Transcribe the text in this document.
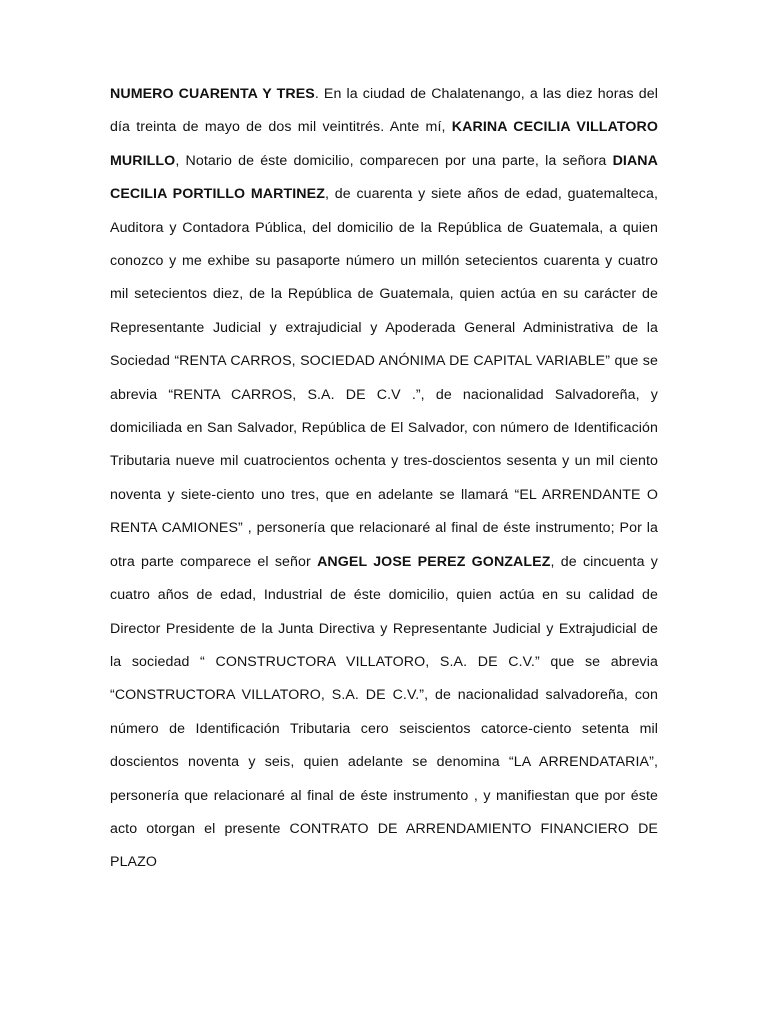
NUMERO CUARENTA Y TRES. En la ciudad de Chalatenango, a las diez horas del día treinta de mayo de dos mil veintitrés. Ante mí, KARINA CECILIA VILLATORO MURILLO, Notario de éste domicilio, comparecen por una parte, la señora DIANA CECILIA PORTILLO MARTINEZ, de cuarenta y siete años de edad, guatemalteca, Auditora y Contadora Pública, del domicilio de la República de Guatemala, a quien conozco y me exhibe su pasaporte número un millón setecientos cuarenta y cuatro mil setecientos diez, de la República de Guatemala, quien actúa en su carácter de Representante Judicial y extrajudicial y Apoderada General Administrativa de la Sociedad “RENTA CARROS, SOCIEDAD ANÓNIMA DE CAPITAL VARIABLE” que se abrevia “RENTA CARROS, S.A. DE C.V .”, de nacionalidad Salvadoreña, y domiciliada en San Salvador, República de El Salvador, con número de Identificación Tributaria nueve mil cuatrocientos ochenta y tres-doscientos sesenta y un mil ciento noventa y siete-ciento uno tres, que en adelante se llamará “EL ARRENDANTE O RENTA CAMIONES” , personería que relacionaré al final de éste instrumento; Por la otra parte comparece el señor ANGEL JOSE PEREZ GONZALEZ, de cincuenta y cuatro años de edad, Industrial de éste domicilio, quien actúa en su calidad de Director Presidente de la Junta Directiva y Representante Judicial y Extrajudicial de la sociedad “ CONSTRUCTORA VILLATORO, S.A. DE C.V.” que se abrevia “CONSTRUCTORA VILLATORO, S.A. DE C.V.”, de nacionalidad salvadoreña, con número de Identificación Tributaria cero seiscientos catorce-ciento setenta mil doscientos noventa y seis, quien adelante se denomina “LA ARRENDATARIA”, personería que relacionaré al final de éste instrumento , y manifiestan que por éste acto otorgan el presente CONTRATO DE ARRENDAMIENTO FINANCIERO DE PLAZO
